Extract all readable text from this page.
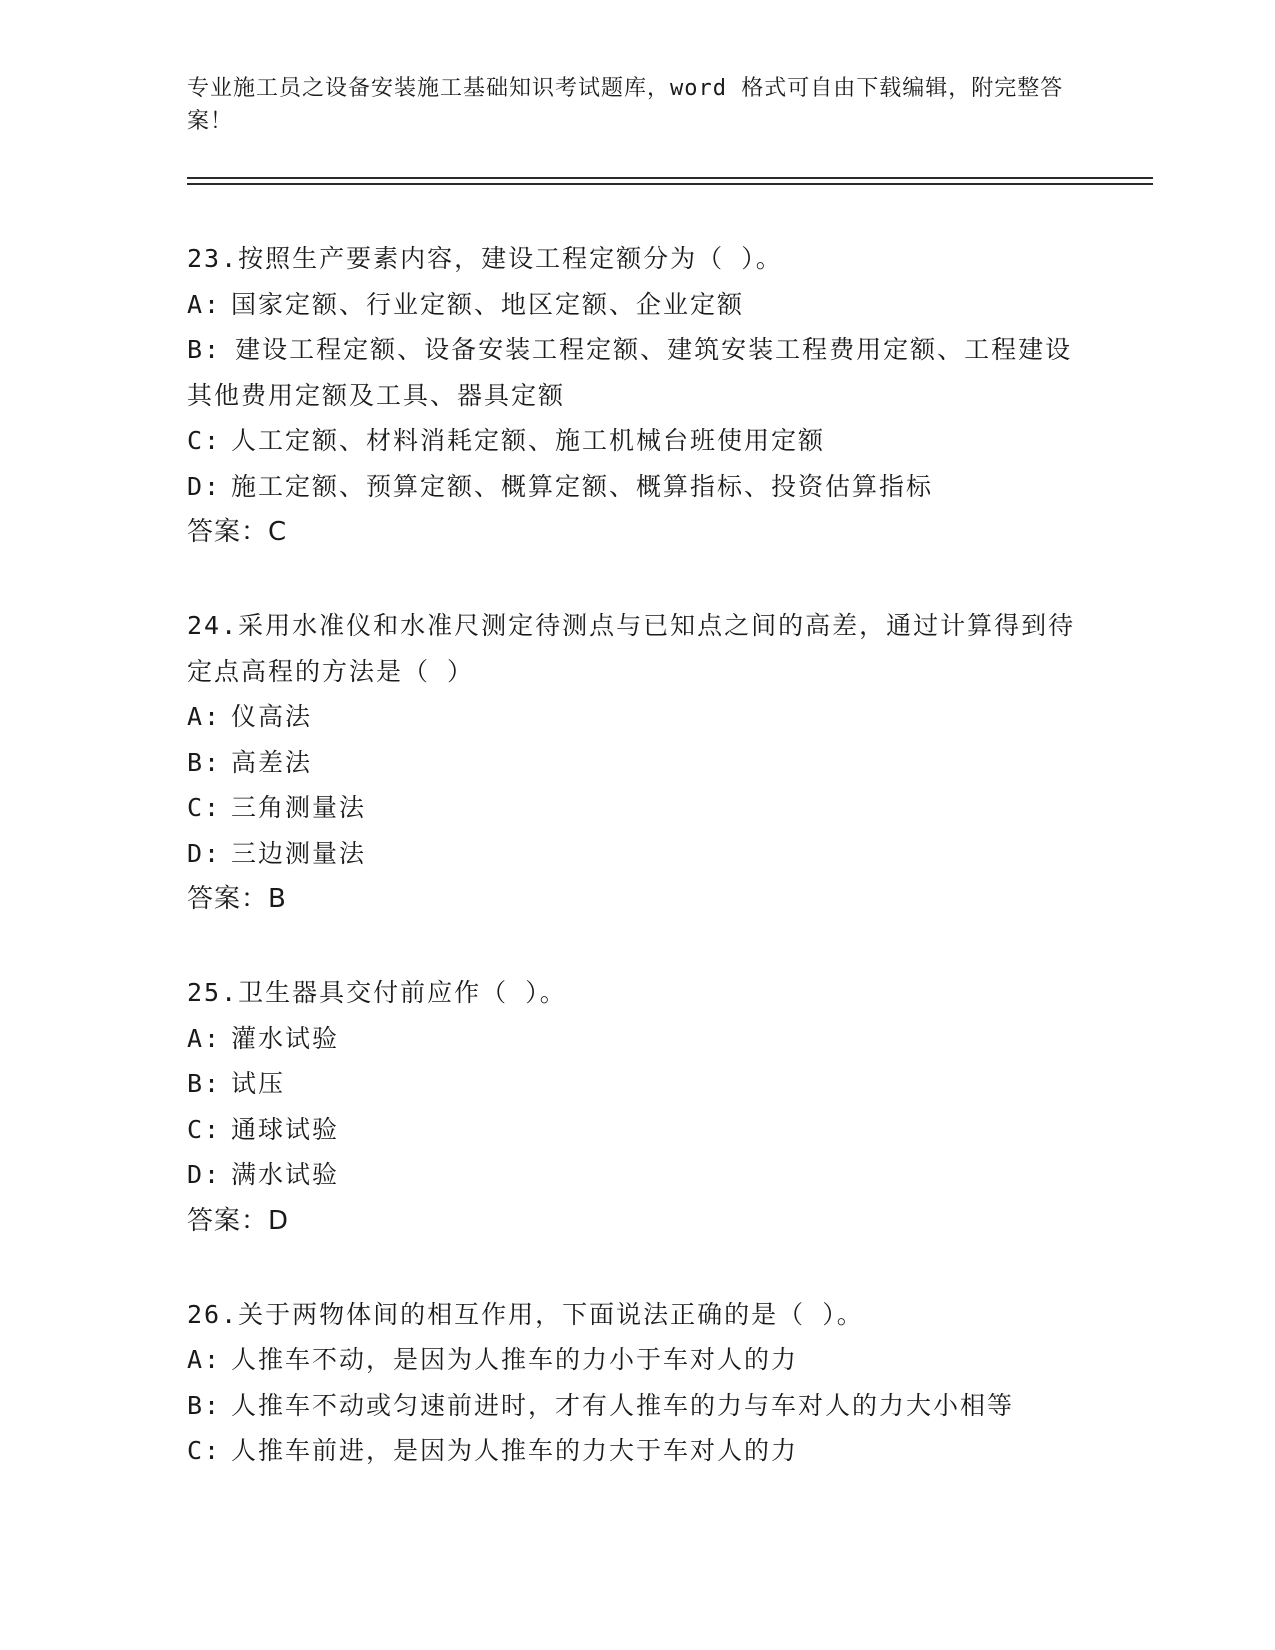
专业施工员之设备安装施工基础知识考试题库，word 格式可自由下载编辑，附完整答案！
23.按照生产要素内容，建设工程定额分为（ ）。
A: 国家定额、行业定额、地区定额、企业定额
B: 建设工程定额、设备安装工程定额、建筑安装工程费用定额、工程建设其他费用定额及工具、器具定额
C: 人工定额、材料消耗定额、施工机械台班使用定额
D: 施工定额、预算定额、概算定额、概算指标、投资估算指标
答案：C
24.采用水准仪和水准尺测定待测点与已知点之间的高差，通过计算得到待定点高程的方法是（ ）
A: 仪高法
B: 高差法
C: 三角测量法
D: 三边测量法
答案：B
25.卫生器具交付前应作（ ）。
A: 灌水试验
B: 试压
C: 通球试验
D: 满水试验
答案：D
26.关于两物体间的相互作用，下面说法正确的是（ ）。
A: 人推车不动，是因为人推车的力小于车对人的力
B: 人推车不动或匀速前进时，才有人推车的力与车对人的力大小相等
C: 人推车前进，是因为人推车的力大于车对人的力
